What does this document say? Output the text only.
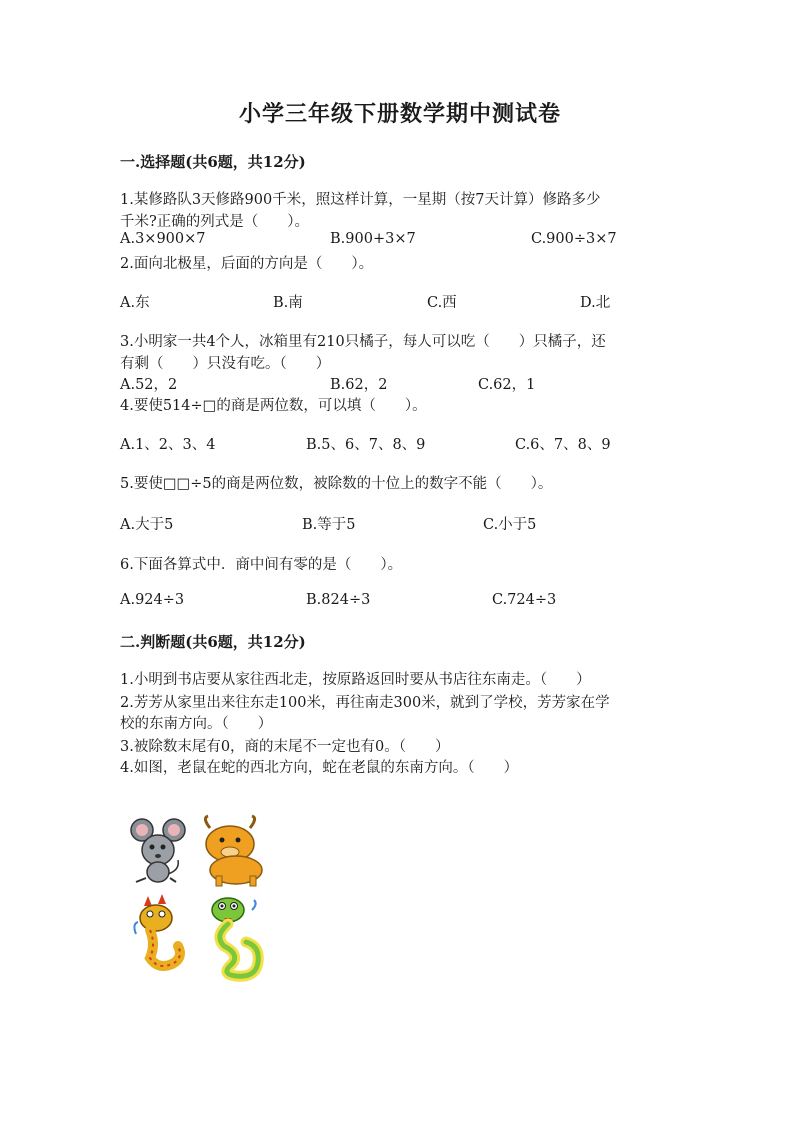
小学三年级下册数学期中测试卷
一.选择题(共6题，共12分)
1.某修路队3天修路900千米，照这样计算，一星期（按7天计算）修路多少
千米?正确的列式是（　　）。
A.3×900×7	B.900+3×7	C.900÷3×7
2.面向北极星，后面的方向是（　　）。
A.东	B.南	C.西	D.北
3.小明家一共4个人，冰箱里有210只橘子，每人可以吃（　　）只橘子，还
有剩（　　）只没有吃。（　　）
A.52，2	B.62，2	C.62，1
4.要使514÷□的商是两位数，可以填（　　）。
A.1、2、3、4	B.5、6、7、8、9	C.6、7、8、9
5.要使□□÷5的商是两位数，被除数的十位上的数字不能（　　）。
A.大于5	B.等于5	C.小于5
6.下面各算式中．商中间有零的是（　　）。
A.924÷3	B.824÷3	C.724÷3
二.判断题(共6题，共12分)
1.小明到书店要从家往西北走，按原路返回时要从书店往东南走。（　　）
2.芳芳从家里出来往东走100米，再往南走300米，就到了学校，芳芳家在学
校的东南方向。（　　）
3.被除数末尾有0，商的末尾不一定也有0。（　　）
4.如图，老鼠在蛇的西北方向，蛇在老鼠的东南方向。（　　）
